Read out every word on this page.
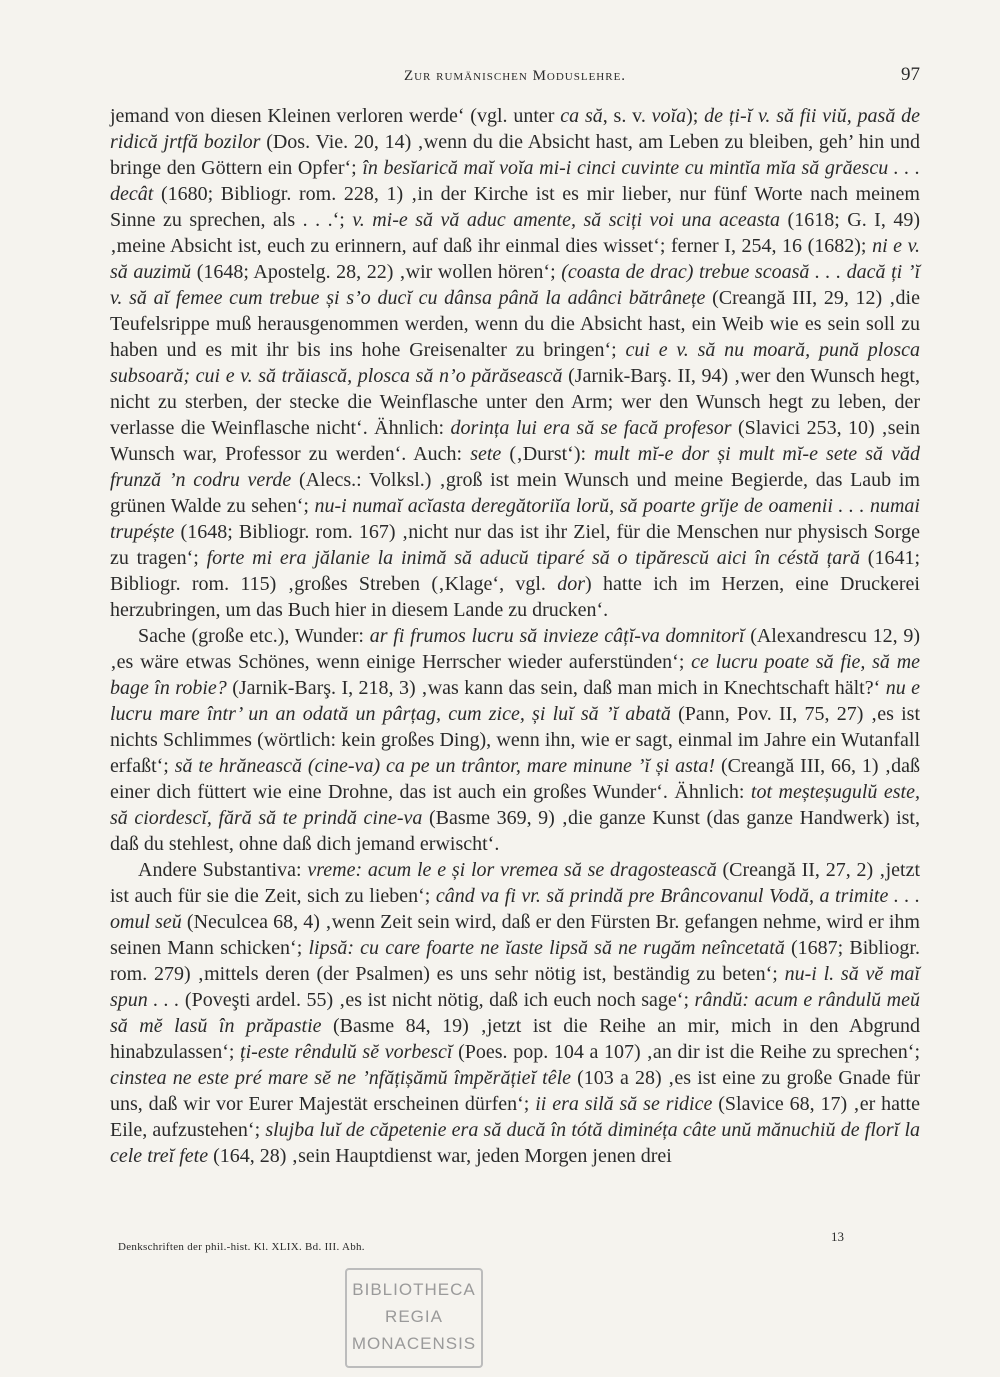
Zur rumänischen Moduslehre.	97

jemand von diesen Kleinen verloren werde‘ (vgl. unter ca să, s. v. voĭa); de ți-ĭ v. să fii viŭ, pasă de ridică jrtfă bozilor (Dos. Vie. 20, 14) ‚wenn du die Absicht hast, am Leben zu bleiben, geh’ hin und bringe den Göttern ein Opfer‘; în besĭarică maĭ voĭa mi-i cinci cuvinte cu mintĭa mĭa să grăescu . . . decât (1680; Bibliogr. rom. 228, 1) ‚in der Kirche ist es mir lieber, nur fünf Worte nach meinem Sinne zu sprechen, als . . .‘; v. mi-e să vă aduc amente, să sciți voi una aceasta (1618; G. I, 49) ‚meine Absicht ist, euch zu erinnern, auf daß ihr einmal dies wisset‘; ferner I, 254, 16 (1682); ni e v. să auzimŭ (1648; Apostelg. 28, 22) ‚wir wollen hören‘; (coasta de drac) trebue scoasă . . . dacă ți ’ĭ v. să aĭ femee cum trebue și s’o ducĭ cu dânsa până la adânci bătrânețe (Creangă III, 29, 12) ‚die Teufelsrippe muß herausgenommen werden, wenn du die Absicht hast, ein Weib wie es sein soll zu haben und es mit ihr bis ins hohe Greisenalter zu bringen‘; cui e v. să nu moară, pună plosca subsoară; cui e v. să trăiască, plosca să n’o părăsească (Jarnik-Barş. II, 94) ‚wer den Wunsch hegt, nicht zu sterben, der stecke die Weinflasche unter den Arm; wer den Wunsch hegt zu leben, der verlasse die Weinflasche nicht‘. Ähnlich: dorința lui era să se facă profesor (Slavici 253, 10) ‚sein Wunsch war, Professor zu werden‘. Auch: sete (‚Durst‘): mult mĭ-e dor și mult mĭ-e sete să văd frunză ’n codru verde (Alecs.: Volksl.) ‚groß ist mein Wunsch und meine Begierde, das Laub im grünen Walde zu sehen‘; nu-i numaĭ acĭasta deregătoriĭa lorŭ, să poarte grĭje de oamenii . . . numai trupéște (1648; Bibliogr. rom. 167) ‚nicht nur das ist ihr Ziel, für die Menschen nur physisch Sorge zu tragen‘; forte mi era jălanie la inimă să aducŭ tiparé să o tipărescŭ aici în céstă țară (1641; Bibliogr. rom. 115) ‚großes Streben (‚Klage‘, vgl. dor) hatte ich im Herzen, eine Druckerei herzubringen, um das Buch hier in diesem Lande zu drucken‘.

Sache (große etc.), Wunder: ar fi frumos lucru să invieze câțĭ-va domnitorĭ (Alexandrescu 12, 9) ‚es wäre etwas Schönes, wenn einige Herrscher wieder auferstünden‘; ce lucru poate să fie, să me bage în robie? (Jarnik-Barş. I, 218, 3) ‚was kann das sein, daß man mich in Knechtschaft hält?‘ nu e lucru mare într’ un an odată un pârțag, cum zice, și luĭ să ’ĭ abată (Pann, Pov. II, 75, 27) ‚es ist nichts Schlimmes (wörtlich: kein großes Ding), wenn ihn, wie er sagt, einmal im Jahre ein Wutanfall erfaßt‘; să te hrănească (cine-va) ca pe un trântor, mare minune ’ĭ și asta! (Creangă III, 66, 1) ‚daß einer dich füttert wie eine Drohne, das ist auch ein großes Wunder‘. Ähnlich: tot meșteșugulŭ este, să ciordescĭ, fără să te prindă cine-va (Basme 369, 9) ‚die ganze Kunst (das ganze Handwerk) ist, daß du stehlest, ohne daß dich jemand erwischt‘.

Andere Substantiva: vreme: acum le e și lor vremea să se dragostească (Creangă II, 27, 2) ‚jetzt ist auch für sie die Zeit, sich zu lieben‘; când va fi vr. să prindă pre Brâncovanul Vodă, a trimite . . . omul seŭ (Neculcea 68, 4) ‚wenn Zeit sein wird, daß er den Fürsten Br. gefangen nehme, wird er ihm seinen Mann schicken‘; lipsă: cu care foarte ne ĭaste lipsă să ne rugăm neîncetată (1687; Bibliogr. rom. 279) ‚mittels deren (der Psalmen) es uns sehr nötig ist, beständig zu beten‘; nu-i l. să vĕ maĭ spun . . . (Poveşti ardel. 55) ‚es ist nicht nötig, daß ich euch noch sage‘; rândŭ: acum e rândulŭ meŭ să mĕ lasŭ în prăpastie (Basme 84, 19) ‚jetzt ist die Reihe an mir, mich in den Abgrund hinabzulassen‘; ți-este rêndulŭ sĕ vorbescĭ (Poes. pop. 104 a 107) ‚an dir ist die Reihe zu sprechen‘; cinstea ne este pré mare sĕ ne ’nfățișămŭ împĕrățieĭ têle (103 a 28) ‚es ist eine zu große Gnade für uns, daß wir vor Eurer Majestät erscheinen dürfen‘; ii era silă să se ridice (Slavice 68, 17) ‚er hatte Eile, aufzustehen‘; slujba luĭ de căpetenie era să ducă în tótă diminéța câte unŭ mănuchiŭ de florĭ la cele treĭ fete (164, 28) ‚sein Hauptdienst war, jeden Morgen jenen drei

13
Denkschriften der phil.-hist. Kl. XLIX. Bd. III. Abh.
BIBLIOTHECA
REGIA
MONACENSIS
